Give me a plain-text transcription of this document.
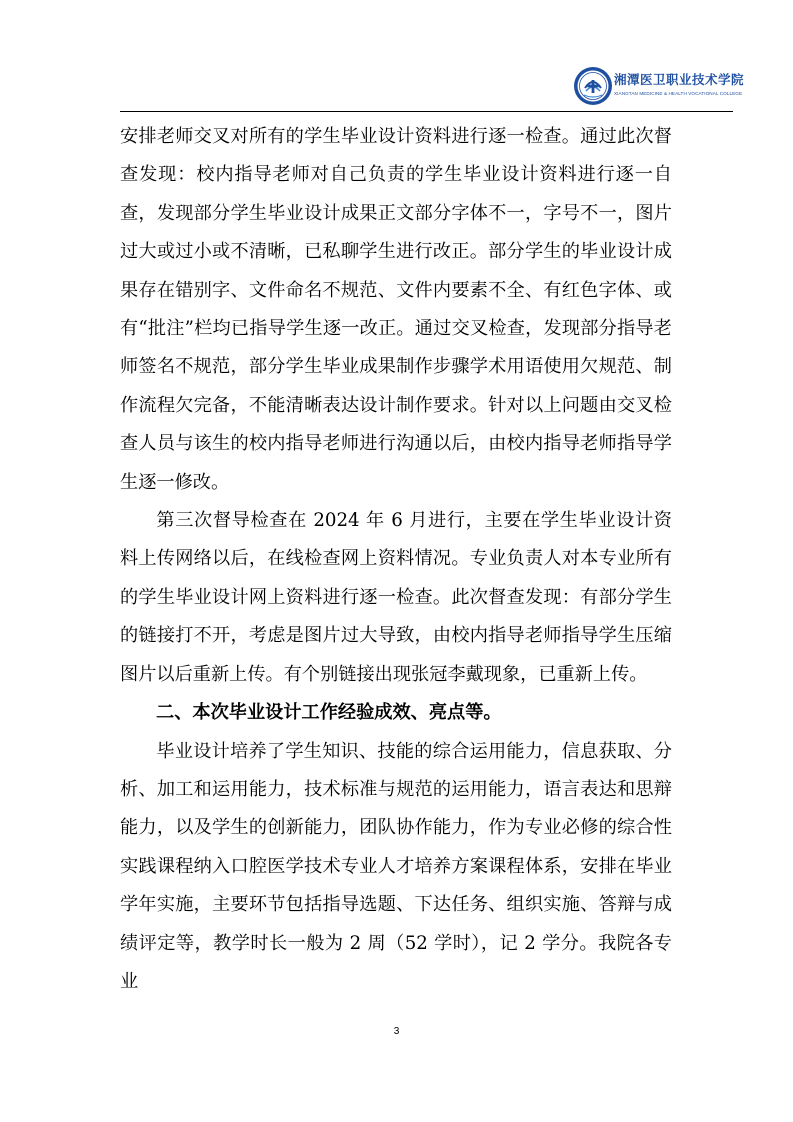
湘潭医卫职业技术学院
XIANGTAN MEDICINE & HEALTH VOCATIONAL COLLEGE

安排老师交叉对所有的学生毕业设计资料进行逐一检查。通过此次督查发现：校内指导老师对自己负责的学生毕业设计资料进行逐一自查，发现部分学生毕业设计成果正文部分字体不一，字号不一，图片过大或过小或不清晰，已私聊学生进行改正。部分学生的毕业设计成果存在错别字、文件命名不规范、文件内要素不全、有红色字体、或有“批注”栏均已指导学生逐一改正。通过交叉检查，发现部分指导老师签名不规范，部分学生毕业成果制作步骤学术用语使用欠规范、制作流程欠完备，不能清晰表达设计制作要求。针对以上问题由交叉检查人员与该生的校内指导老师进行沟通以后，由校内指导老师指导学生逐一修改。

第三次督导检查在 2024 年 6 月进行，主要在学生毕业设计资料上传网络以后，在线检查网上资料情况。专业负责人对本专业所有的学生毕业设计网上资料进行逐一检查。此次督查发现：有部分学生的链接打不开，考虑是图片过大导致，由校内指导老师指导学生压缩图片以后重新上传。有个别链接出现张冠李戴现象，已重新上传。

二、本次毕业设计工作经验成效、亮点等。

毕业设计培养了学生知识、技能的综合运用能力，信息获取、分析、加工和运用能力，技术标准与规范的运用能力，语言表达和思辩能力，以及学生的创新能力，团队协作能力，作为专业必修的综合性实践课程纳入口腔医学技术专业人才培养方案课程体系，安排在毕业学年实施，主要环节包括指导选题、下达任务、组织实施、答辩与成绩评定等，教学时长一般为 2 周（52 学时），记 2 学分。我院各专业

3
